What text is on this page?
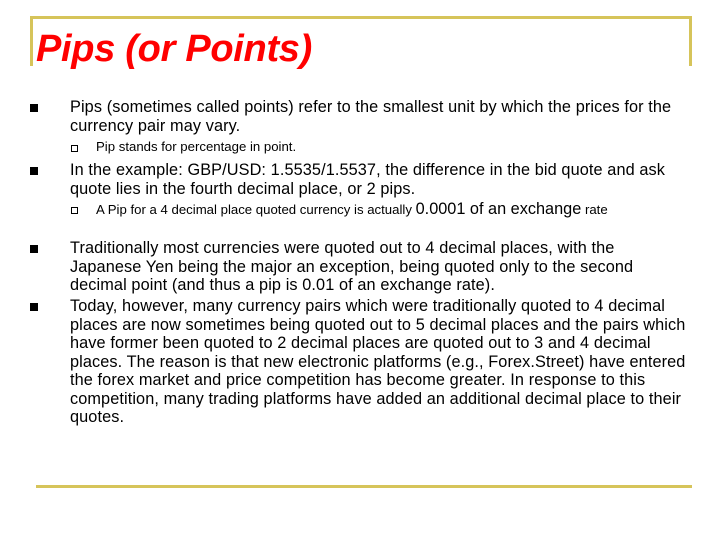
Pips (or Points)
Pips (sometimes called points) refer to the smallest unit by which the prices for the currency pair may vary.
Pip stands for percentage in point.
In the example: GBP/USD: 1.5535/1.5537, the difference in the bid quote and ask quote lies in the fourth decimal place, or 2 pips.
A Pip for a 4 decimal place quoted currency is actually 0.0001 of an exchange rate
Traditionally most currencies were quoted out to 4 decimal places, with the Japanese Yen being the major an exception, being quoted only to the second decimal point (and thus a pip is 0.01 of an exchange rate).
Today, however, many currency pairs which were traditionally quoted to 4 decimal places are now sometimes being quoted out to 5 decimal places and the pairs which have former been quoted to 2 decimal places are quoted out to 3 and 4 decimal places. The reason is that new electronic platforms (e.g., Forex.Street) have entered the forex market and price competition has become greater. In response to this competition, many trading platforms have added an additional decimal place to their quotes.
